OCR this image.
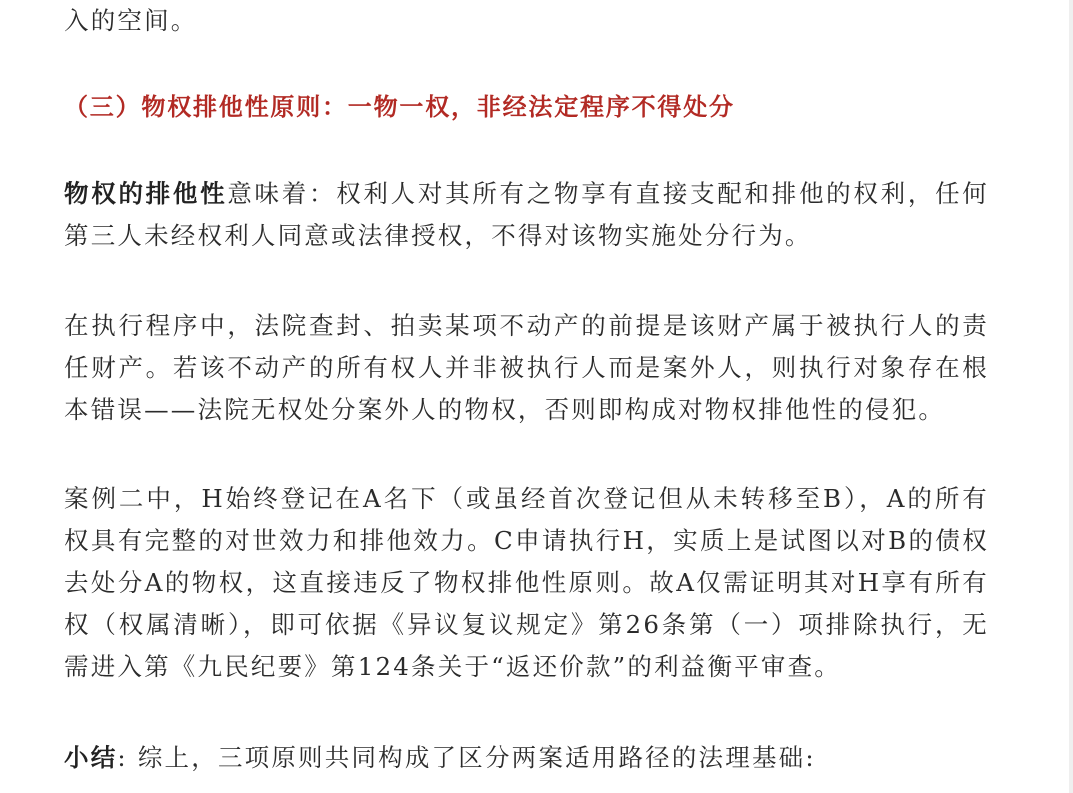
入的空间。

（三）物权排他性原则：一物一权，非经法定程序不得处分

物权的排他性意味着：权利人对其所有之物享有直接支配和排他的权利，任何第三人未经权利人同意或法律授权，不得对该物实施处分行为。

在执行程序中，法院查封、拍卖某项不动产的前提是该财产属于被执行人的责任财产。若该不动产的所有权人并非被执行人而是案外人，则执行对象存在根本错误——法院无权处分案外人的物权，否则即构成对物权排他性的侵犯。

案例二中，H始终登记在A名下（或虽经首次登记但从未转移至B），A的所有权具有完整的对世效力和排他效力。C申请执行H，实质上是试图以对B的债权去处分A的物权，这直接违反了物权排他性原则。故A仅需证明其对H享有所有权（权属清晰），即可依据《异议复议规定》第26条第（一）项排除执行，无需进入第《九民纪要》第124条关于“返还价款”的利益衡平审查。

小结: 综上，三项原则共同构成了区分两案适用路径的法理基础:
